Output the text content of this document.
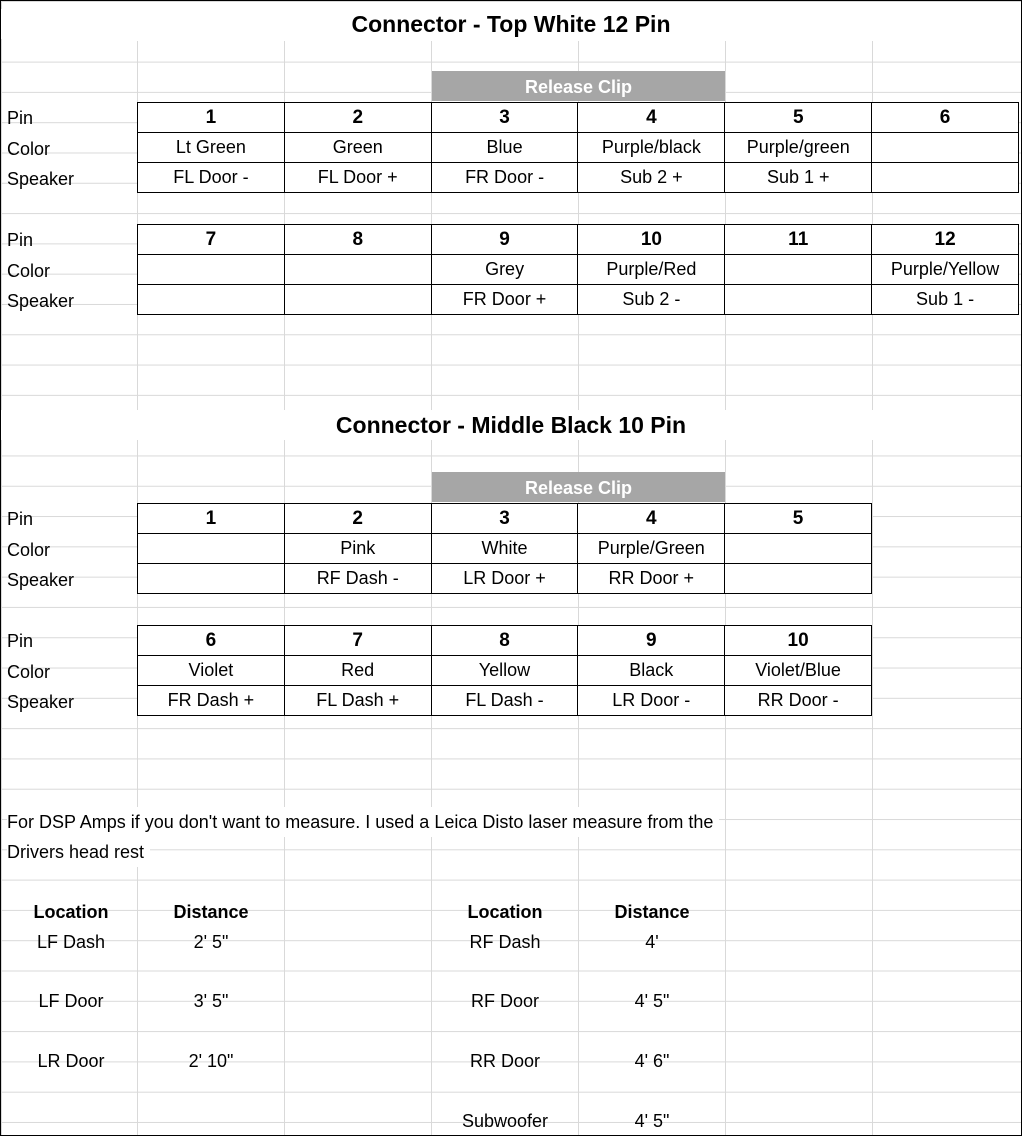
Connector - Top White 12 Pin
Release Clip
Pin
Color
Speaker
1	2	3	4	5	6
Lt Green	Green	Blue	Purple/black	Purple/green	
FL Door -	FL Door +	FR Door -	Sub 2 +	Sub 1 +	
Pin
Color
Speaker
7	8	9	10	11	12
		Grey	Purple/Red		Purple/Yellow
		FR Door +	Sub 2 -		Sub 1 -
Connector - Middle Black 10 Pin
Release Clip
Pin
Color
Speaker
1	2	3	4	5
	Pink	White	Purple/Green	
	RF Dash -	LR Door +	RR Door +	
Pin
Color
Speaker
6	7	8	9	10
Violet	Red	Yellow	Black	Violet/Blue
FR Dash +	FL Dash +	FL Dash -	LR Door -	RR Door -
For DSP Amps if you don't want to measure. I used a Leica Disto laser measure from the
Drivers head rest
Location	Distance	Location	Distance
LF Dash	2' 5"
LF Door	3' 5"
LR Door	2' 10"
RF Dash	4'
RF Door	4' 5"
RR Door	4' 6"
Subwoofer	4' 5"
